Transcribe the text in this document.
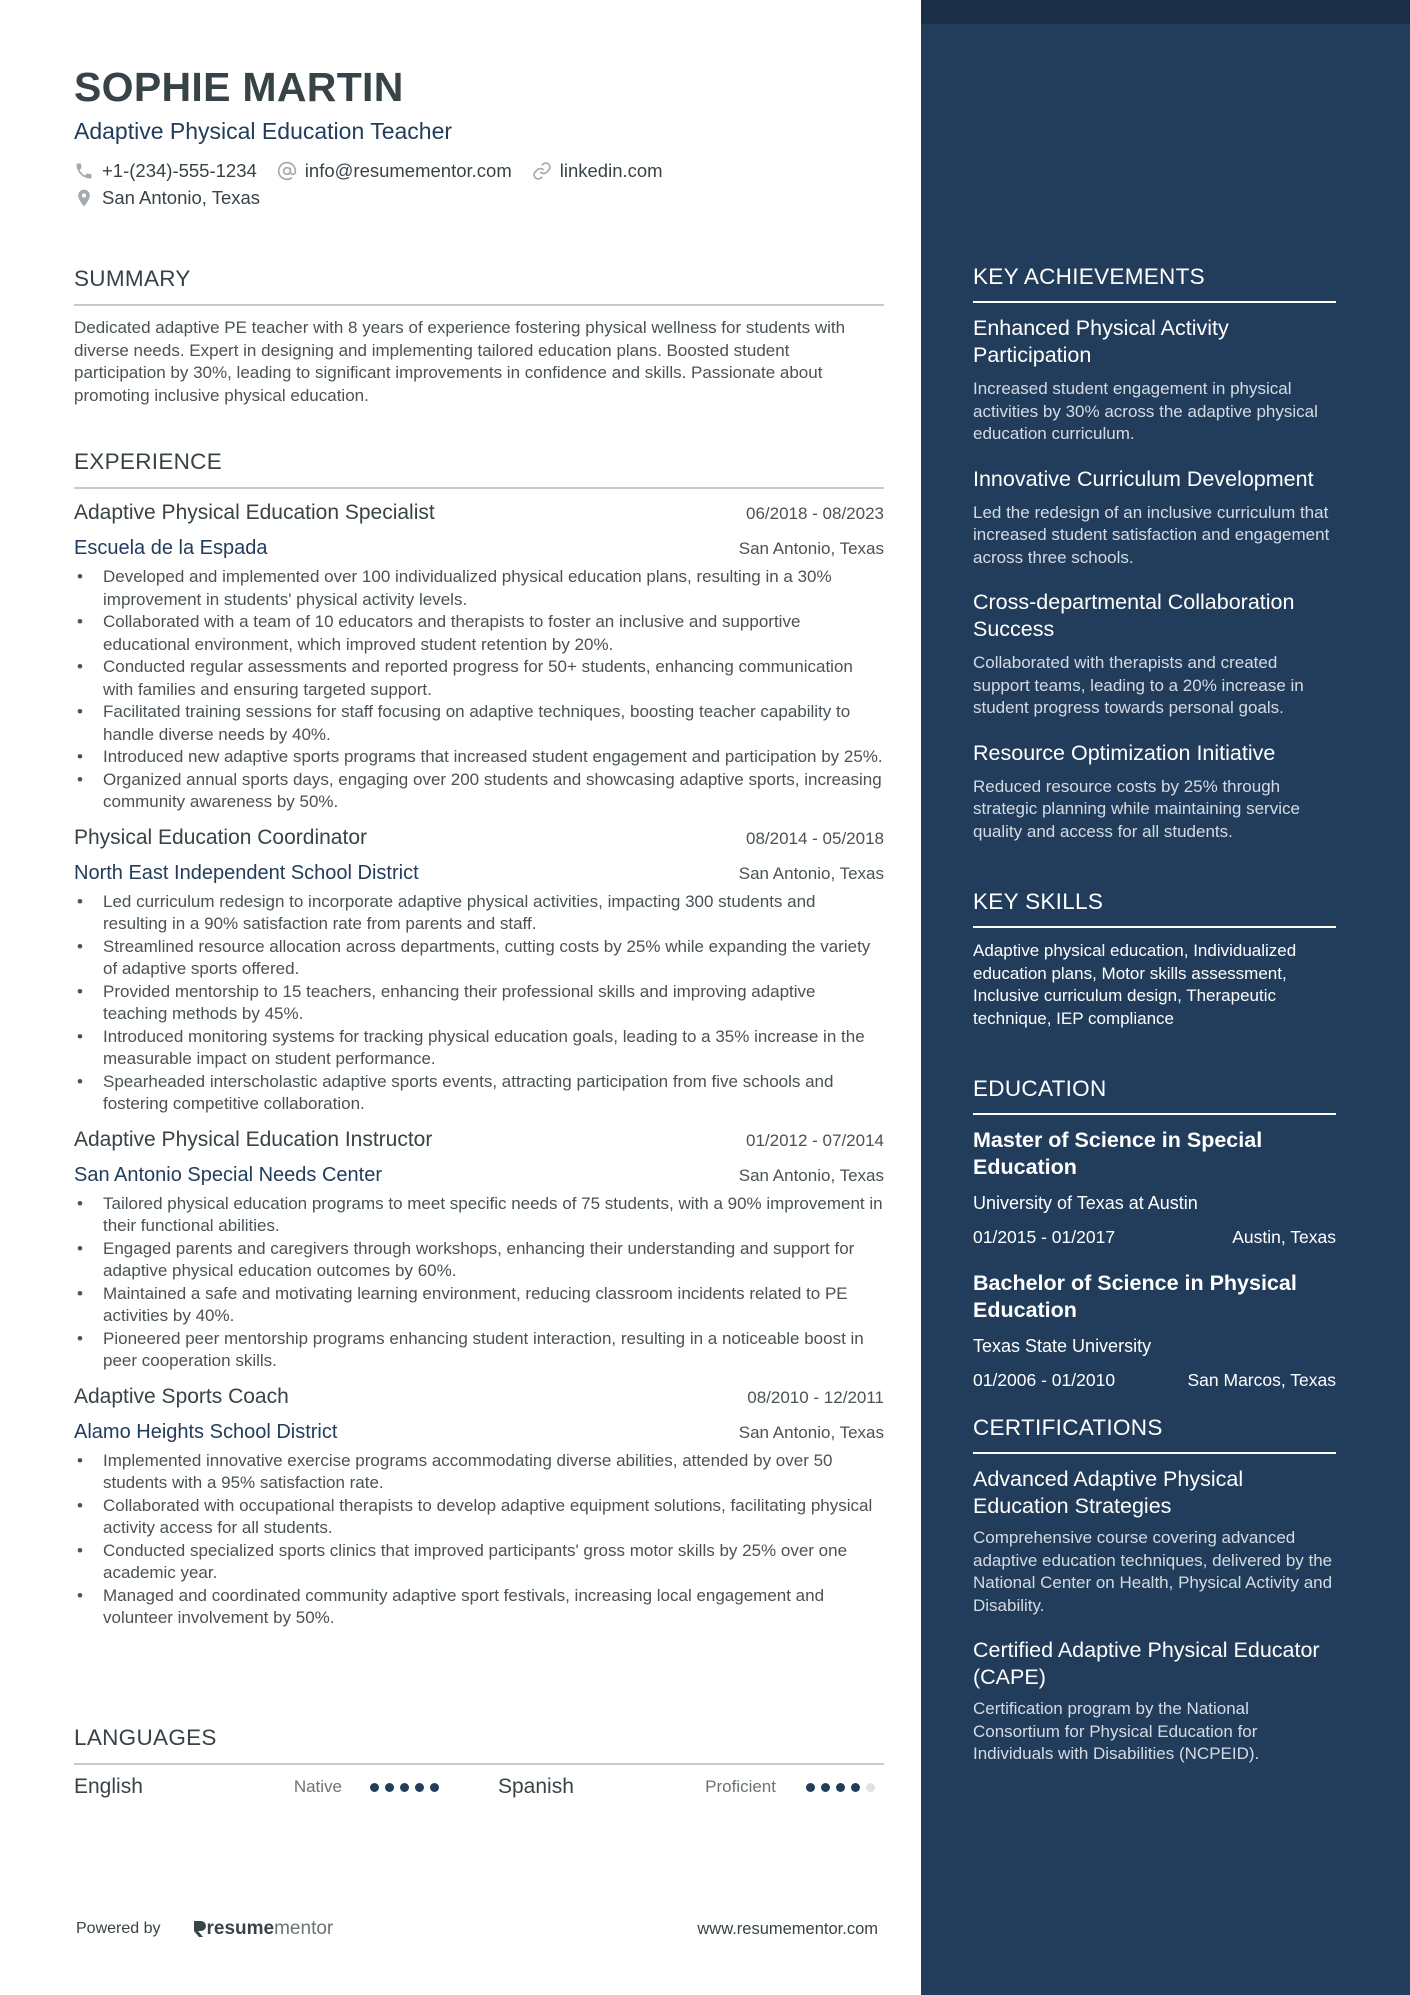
SOPHIE MARTIN
Adaptive Physical Education Teacher
+1-(234)-555-1234	info@resumementor.com	linkedin.com
San Antonio, Texas
SUMMARY

Dedicated adaptive PE teacher with 8 years of experience fostering physical wellness for students with diverse needs. Expert in designing and implementing tailored education plans. Boosted student participation by 30%, leading to significant improvements in confidence and skills. Passionate about promoting inclusive physical education.

EXPERIENCE
Adaptive Physical Education Specialist	06/2018 - 08/2023
Escuela de la Espada	San Antonio, Texas
• Developed and implemented over 100 individualized physical education plans, resulting in a 30% improvement in students' physical activity levels.
• Collaborated with a team of 10 educators and therapists to foster an inclusive and supportive educational environment, which improved student retention by 20%.
• Conducted regular assessments and reported progress for 50+ students, enhancing communication with families and ensuring targeted support.
• Facilitated training sessions for staff focusing on adaptive techniques, boosting teacher capability to handle diverse needs by 40%.
• Introduced new adaptive sports programs that increased student engagement and participation by 25%.
• Organized annual sports days, engaging over 200 students and showcasing adaptive sports, increasing community awareness by 50%.
Physical Education Coordinator	08/2014 - 05/2018
North East Independent School District	San Antonio, Texas
• Led curriculum redesign to incorporate adaptive physical activities, impacting 300 students and resulting in a 90% satisfaction rate from parents and staff.
• Streamlined resource allocation across departments, cutting costs by 25% while expanding the variety of adaptive sports offered.
• Provided mentorship to 15 teachers, enhancing their professional skills and improving adaptive teaching methods by 45%.
• Introduced monitoring systems for tracking physical education goals, leading to a 35% increase in the measurable impact on student performance.
• Spearheaded interscholastic adaptive sports events, attracting participation from five schools and fostering competitive collaboration.
Adaptive Physical Education Instructor	01/2012 - 07/2014
San Antonio Special Needs Center	San Antonio, Texas
• Tailored physical education programs to meet specific needs of 75 students, with a 90% improvement in their functional abilities.
• Engaged parents and caregivers through workshops, enhancing their understanding and support for adaptive physical education outcomes by 60%.
• Maintained a safe and motivating learning environment, reducing classroom incidents related to PE activities by 40%.
• Pioneered peer mentorship programs enhancing student interaction, resulting in a noticeable boost in peer cooperation skills.
Adaptive Sports Coach	08/2010 - 12/2011
Alamo Heights School District	San Antonio, Texas
• Implemented innovative exercise programs accommodating diverse abilities, attended by over 50 students with a 95% satisfaction rate.
• Collaborated with occupational therapists to develop adaptive equipment solutions, facilitating physical activity access for all students.
• Conducted specialized sports clinics that improved participants' gross motor skills by 25% over one academic year.
• Managed and coordinated community adaptive sport festivals, increasing local engagement and volunteer involvement by 50%.
LANGUAGES
English	Native	Spanish	Proficient
Powered by resume mentor	www.resumementor.com
KEY ACHIEVEMENTS
Enhanced Physical Activity Participation
Increased student engagement in physical activities by 30% across the adaptive physical education curriculum.
Innovative Curriculum Development
Led the redesign of an inclusive curriculum that increased student satisfaction and engagement across three schools.
Cross-departmental Collaboration Success
Collaborated with therapists and created support teams, leading to a 20% increase in student progress towards personal goals.
Resource Optimization Initiative
Reduced resource costs by 25% through strategic planning while maintaining service quality and access for all students.
KEY SKILLS
Adaptive physical education, Individualized education plans, Motor skills assessment, Inclusive curriculum design, Therapeutic technique, IEP compliance
EDUCATION
Master of Science in Special Education
University of Texas at Austin
01/2015 - 01/2017	Austin, Texas
Bachelor of Science in Physical Education
Texas State University
01/2006 - 01/2010	San Marcos, Texas
CERTIFICATIONS
Advanced Adaptive Physical Education Strategies
Comprehensive course covering advanced adaptive education techniques, delivered by the National Center on Health, Physical Activity and Disability.
Certified Adaptive Physical Educator (CAPE)
Certification program by the National Consortium for Physical Education for Individuals with Disabilities (NCPEID).
